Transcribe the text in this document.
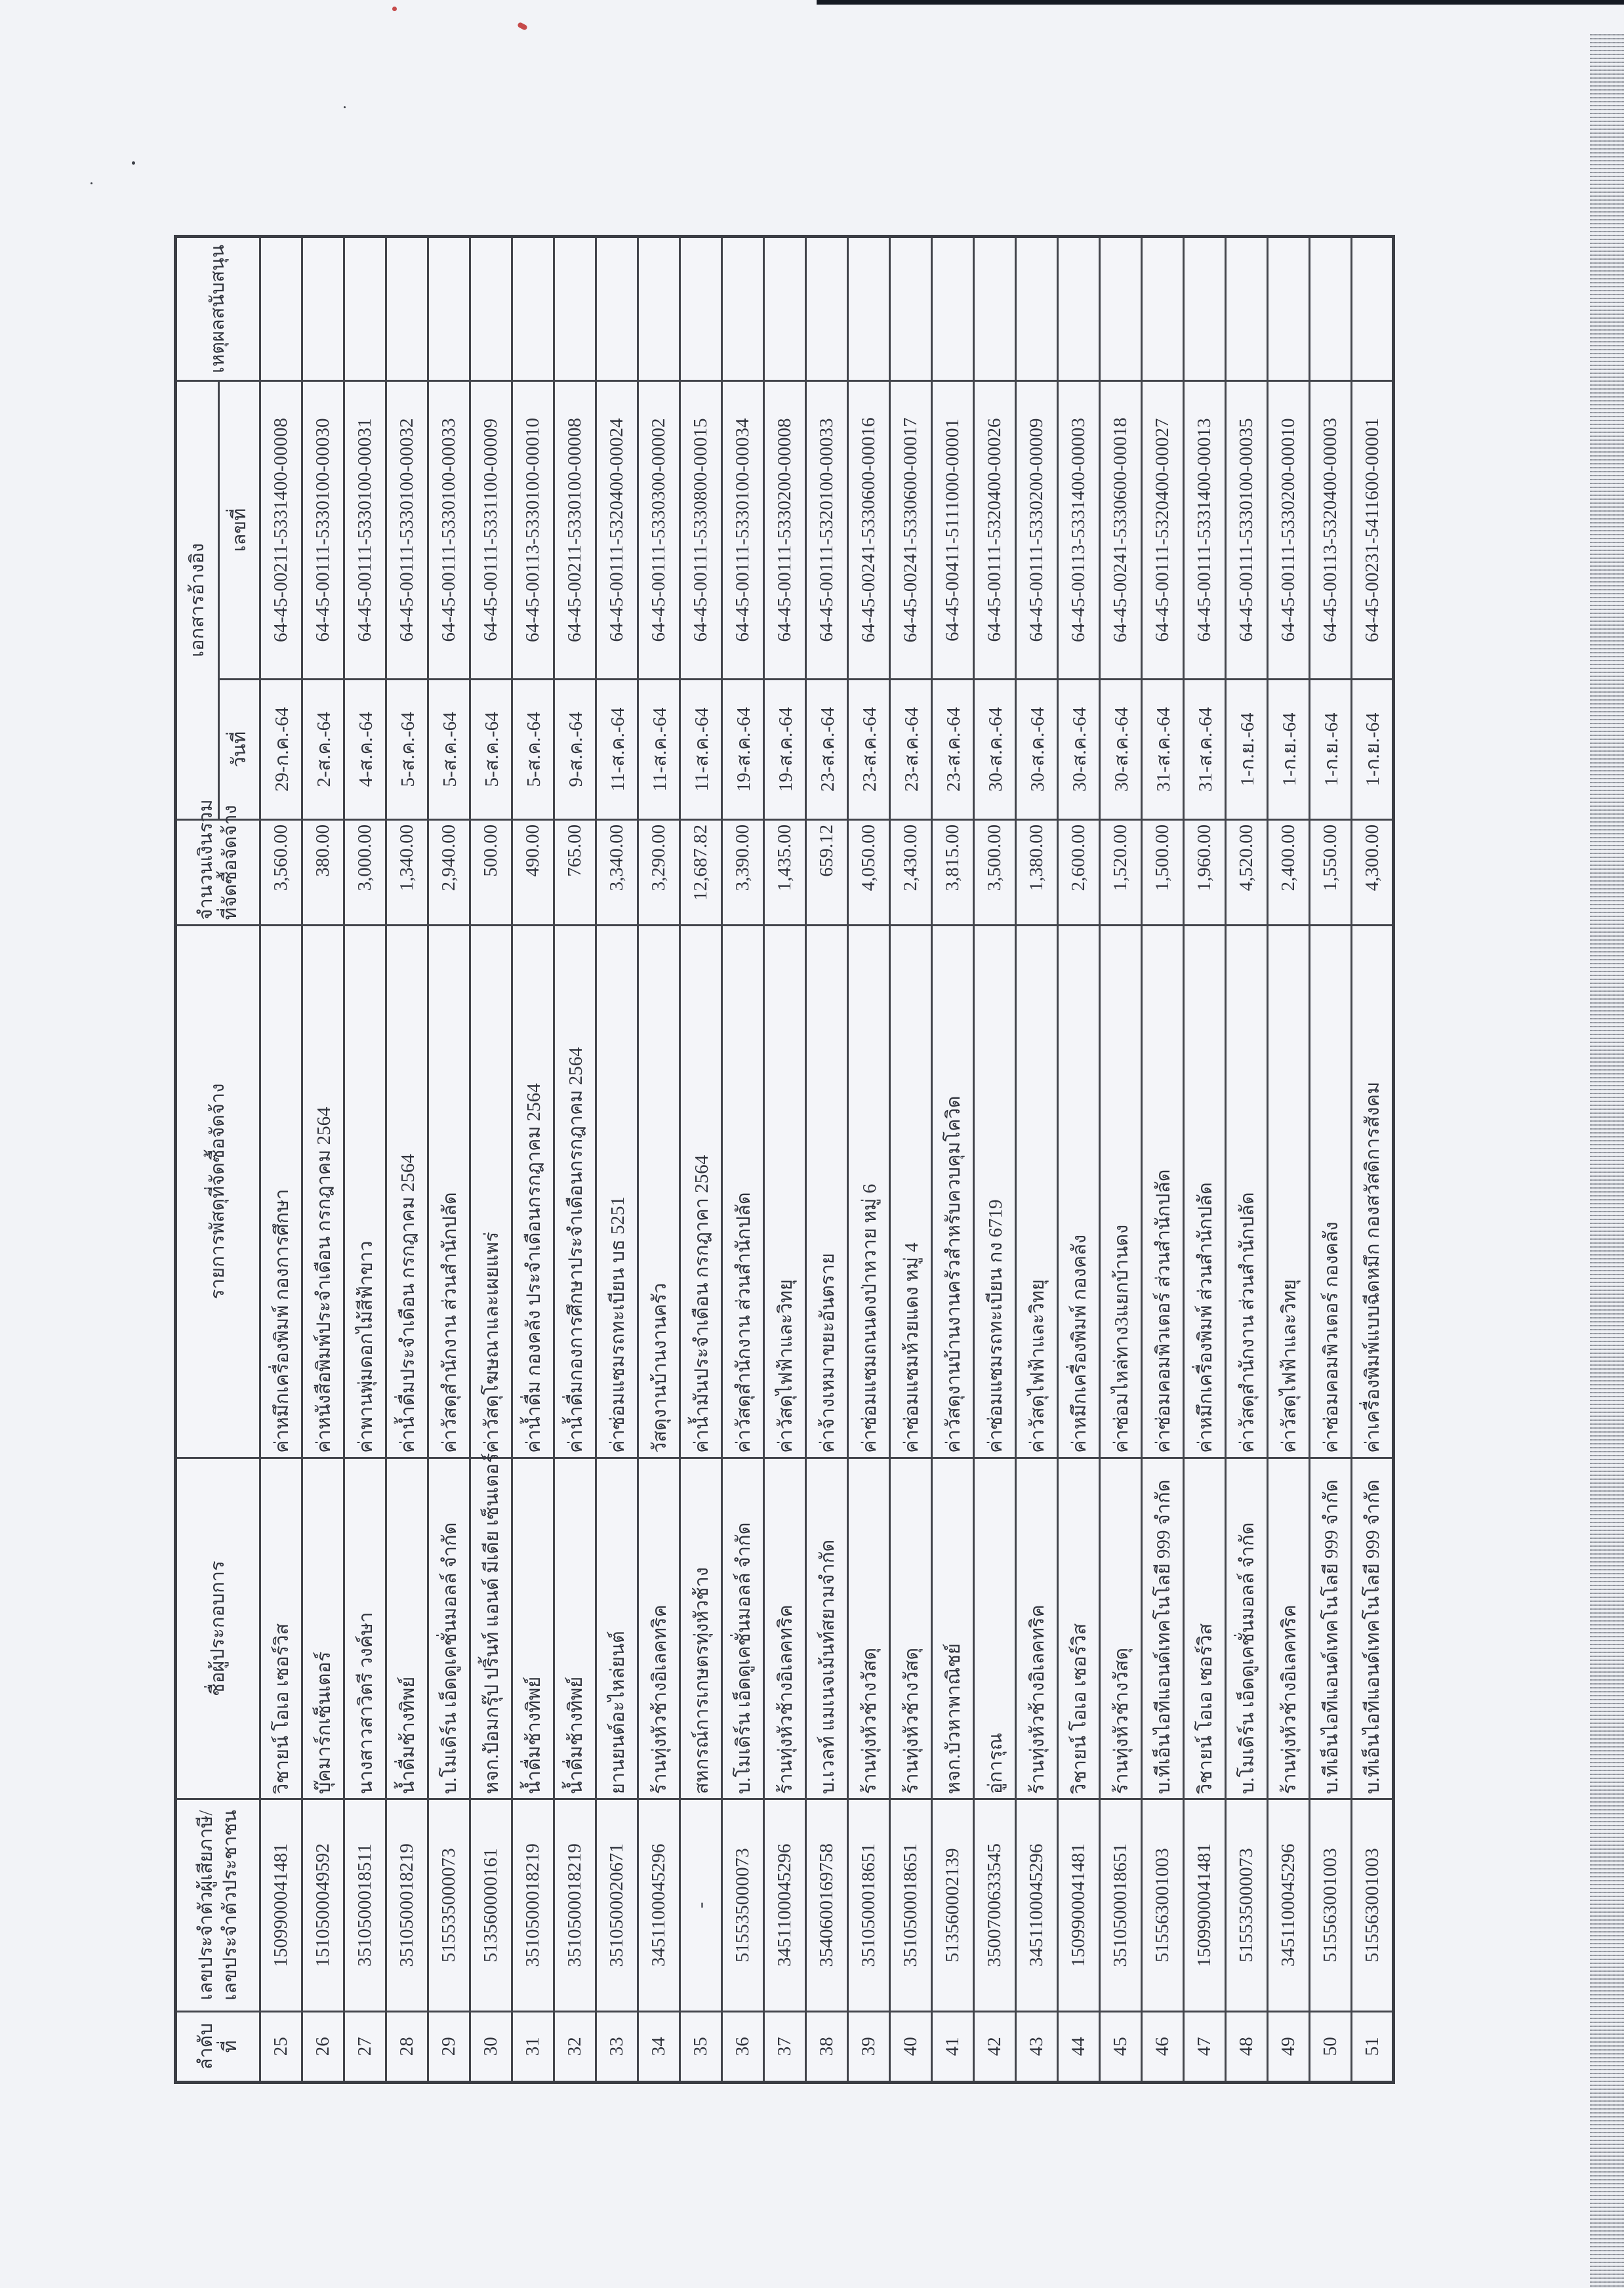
ลำดับ ที่	เลขประจำตัวผู้เสียภาษี/ เลขประจำตัวประชาชน	ชื่อผู้ประกอบการ	รายการพัสดุที่จัดซื้อจัดจ้าง	จำนวนเงินรวม ที่จัดซื้อจัดจ้าง	เอกสารอ้างอิง		เหตุผลสนับสนุน
					วันที่	เลขที่	
25	1509900041481	วิชายน์ โอเอ เซอร์วิส	ค่าหมึกเครื่องพิมพ์ กองการศึกษา	3,560.00	29-ก.ค.-64	64-45-00211-5331400-00008	
26	1510500049592	บุ๊คมาร์กเซ็นเตอร์	ค่าหนังสือพิมพ์ประจำเดือน กรกฎาคม 2564	380.00	2-ส.ค.-64	64-45-00111-5330100-00030	
27	3510500018511	นางสาวสาวิตรี วงค์ษา	ค่าพานพุ่มดอกไม้สีฟ้าขาว	3,000.00	4-ส.ค.-64	64-45-00111-5330100-00031	
28	3510500018219	น้ำดื่มช้างทิพย์	ค่าน้ำดื่มประจำเดือน กรกฎาคม 2564	1,340.00	5-ส.ค.-64	64-45-00111-5330100-00032	
29	515535000073	บ.โมเดิร์น เอ็ดดูเคชั่นมอลล์ จำกัด	ค่าวัสดุสำนักงาน ส่วนสำนักปลัด	2,940.00	5-ส.ค.-64	64-45-00111-5330100-00033	
30	513560000161	หจก.ป้อมกรุ๊ป ปริ้นท์ แอนด์ มีเดีย เซ็นเตอร์	ค่าวัสดุโฆษณาและเผยแพร่	500.00	5-ส.ค.-64	64-45-00111-5331100-00009	
31	3510500018219	น้ำดื่มช้างทิพย์	ค่าน้ำดื่ม กองคลัง ประจำเดือนกรกฎาคม 2564	490.00	5-ส.ค.-64	64-45-00113-5330100-00010	
32	3510500018219	น้ำดื่มช้างทิพย์	ค่าน้ำดื่มกองการศึกษาประจำเดือนกรกฎาคม 2564	765.00	9-ส.ค.-64	64-45-00211-5330100-00008	
33	3510500020671	ยานยนต์อะไหล่ยนต์	ค่าซ่อมแซมรถทะเบียน บธ 5251	3,340.00	11-ส.ค.-64	64-45-00111-5320400-00024	
34	3451100045296	ร้านทุ่งหัวช้างอิเลคทริค	วัสดุงานบ้านงานครัว	3,290.00	11-ส.ค.-64	64-45-00111-5330300-00002	
35	-	สหกรณ์การเกษตรทุ่งหัวช้าง	ค่าน้ำมันประจำเดือน กรกฎาคา 2564	12,687.82	11-ส.ค.-64	64-45-00111-5330800-00015	
36	515535000073	บ.โมเดิร์น เอ็ดดูเคชั่นมอลล์ จำกัด	ค่าวัสดุสำนักงาน ส่วนสำนักปลัด	3,390.00	19-ส.ค.-64	64-45-00111-5330100-00034	
37	3451100045296	ร้านทุ่งหัวช้างอิเลคทริค	ค่าวัสดุไฟฟ้าและวิทยุ	1,435.00	19-ส.ค.-64	64-45-00111-5330200-00008	
38	3540600169758	บ.เวลท์ แมเนจเม้นท์สยามจำกัด	ค่าจ้างเหมาขยะอันตราย	659.12	23-ส.ค.-64	64-45-00111-5320100-00033	
39	3510500018651	ร้านทุ่งหัวช้างวัสดุ	ค่าซ่อมแซมถนนดงป่าหวาย หมู่ 6	4,050.00	23-ส.ค.-64	64-45-00241-5330600-00016	
40	3510500018651	ร้านทุ่งหัวช้างวัสดุ	ค่าซ่อมแซมห้วยแดง หมู่ 4	2,430.00	23-ส.ค.-64	64-45-00241-5330600-00017	
41	513560002139	หจก.บัวหาพาณิชย์	ค่าวัสดุงานบ้านงานครัวสำหรับควบคุมโควิด	3,815.00	23-ส.ค.-64	64-45-00411-5111000-00001	
42	3500700633545	อู่การุณ	ค่าซ่อมแซมรถทะเบียน กง 6719	3,500.00	30-ส.ค.-64	64-45-00111-5320400-00026	
43	3451100045296	ร้านทุ่งหัวช้างอิเลคทริค	ค่าวัสดุไฟฟ้าและวิทยุ	1,380.00	30-ส.ค.-64	64-45-00111-5330200-00009	
44	1509900041481	วิชายน์ โอเอ เซอร์วิส	ค่าหมึกเครื่องพิมพ์ กองคลัง	2,600.00	30-ส.ค.-64	64-45-00113-5331400-00003	
45	3510500018651	ร้านทุ่งหัวช้างวัสดุ	ค่าซ่อมไหล่ทาง3แยกบ้านดง	1,520.00	30-ส.ค.-64	64-45-00241-5330600-00018	
46	515563001003	บ.ทีเอ็นไอทีแอนด์เทคโนโลยี 999 จำกัด	ค่าซ่อมคอมพิวเตอร์ ส่วนสำนักปลัด	1,500.00	31-ส.ค.-64	64-45-00111-5320400-00027	
47	1509900041481	วิชายน์ โอเอ เซอร์วิส	ค่าหมึกเครื่องพิมพ์ ส่วนสำนักปลัด	1,960.00	31-ส.ค.-64	64-45-00111-5331400-00013	
48	515535000073	บ.โมเดิร์น เอ็ดดูเคชั่นมอลล์ จำกัด	ค่าวัสดุสำนักงาน ส่วนสำนักปลัด	4,520.00	1-ก.ย.-64	64-45-00111-5330100-00035	
49	3451100045296	ร้านทุ่งหัวช้างอิเลคทริค	ค่าวัสดุไฟฟ้าและวิทยุ	2,400.00	1-ก.ย.-64	64-45-00111-5330200-00010	
50	515563001003	บ.ทีเอ็นไอทีแอนด์เทคโนโลยี 999 จำกัด	ค่าซ่อมคอมพิวเตอร์ กองคลัง	1,550.00	1-ก.ย.-64	64-45-00113-5320400-00003	
51	515563001003	บ.ทีเอ็นไอทีแอนด์เทคโนโลยี 999 จำกัด	ค่าเครื่องพิมพ์แบบฉีดหมึก กองสวัสดิการสังคม	4,300.00	1-ก.ย.-64	64-45-00231-5411600-00001	
